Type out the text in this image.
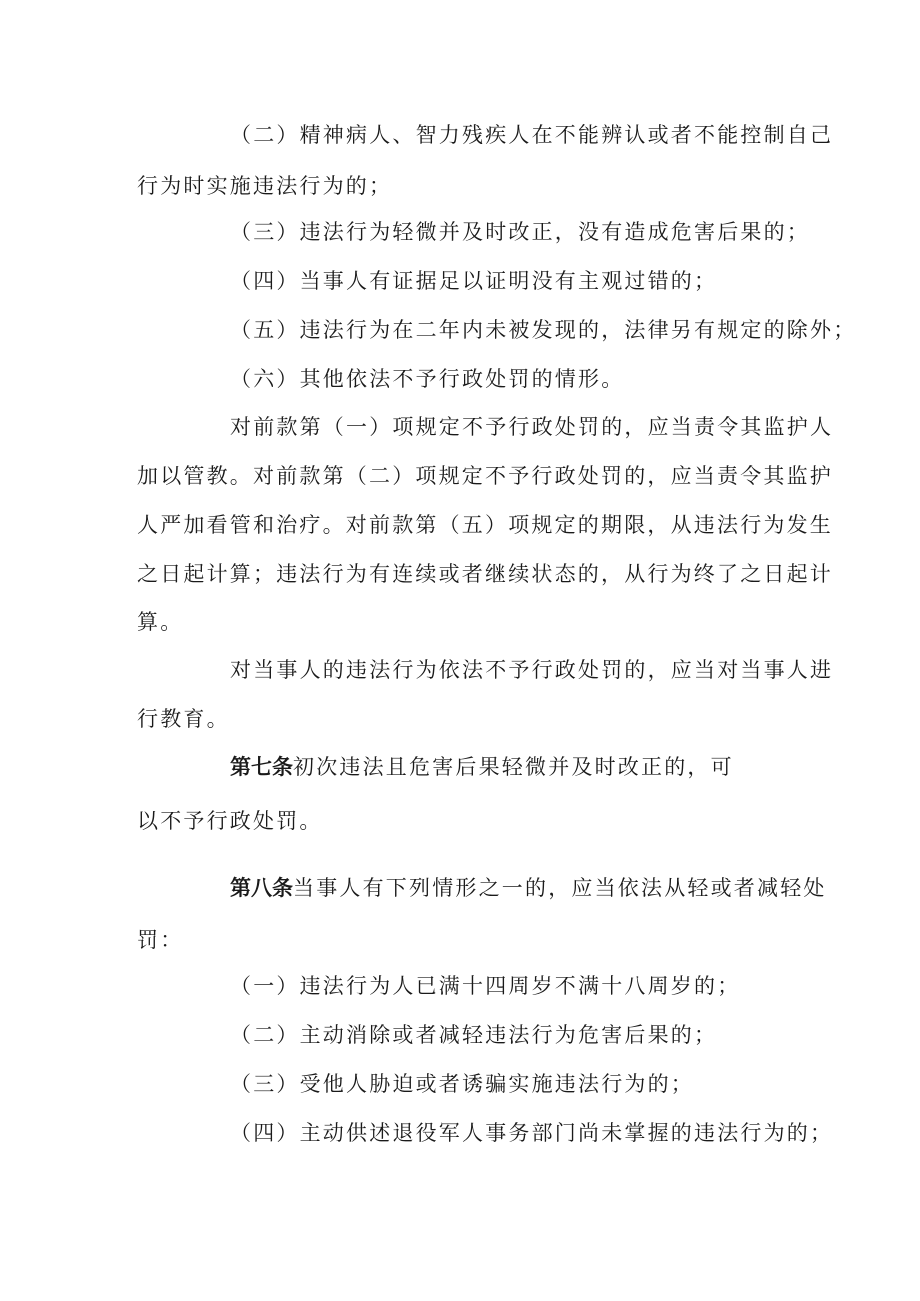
（二）精神病人、智力残疾人在不能辨认或者不能控制自己
行为时实施违法行为的；
（三）违法行为轻微并及时改正，没有造成危害后果的；
（四）当事人有证据足以证明没有主观过错的；
（五）违法行为在二年内未被发现的，法律另有规定的除外；
（六）其他依法不予行政处罚的情形。
对前款第（一）项规定不予行政处罚的，应当责令其监护人
加以管教。对前款第（二）项规定不予行政处罚的，应当责令其监护
人严加看管和治疗。对前款第（五）项规定的期限，从违法行为发生
之日起计算；违法行为有连续或者继续状态的，从行为终了之日起计
算。
对当事人的违法行为依法不予行政处罚的，应当对当事人进
行教育。
第七条初次违法且危害后果轻微并及时改正的，可
以不予行政处罚。
第八条当事人有下列情形之一的，应当依法从轻或者减轻处
罚：
（一）违法行为人已满十四周岁不满十八周岁的；
（二）主动消除或者减轻违法行为危害后果的；
（三）受他人胁迫或者诱骗实施违法行为的；
（四）主动供述退役军人事务部门尚未掌握的违法行为的；
